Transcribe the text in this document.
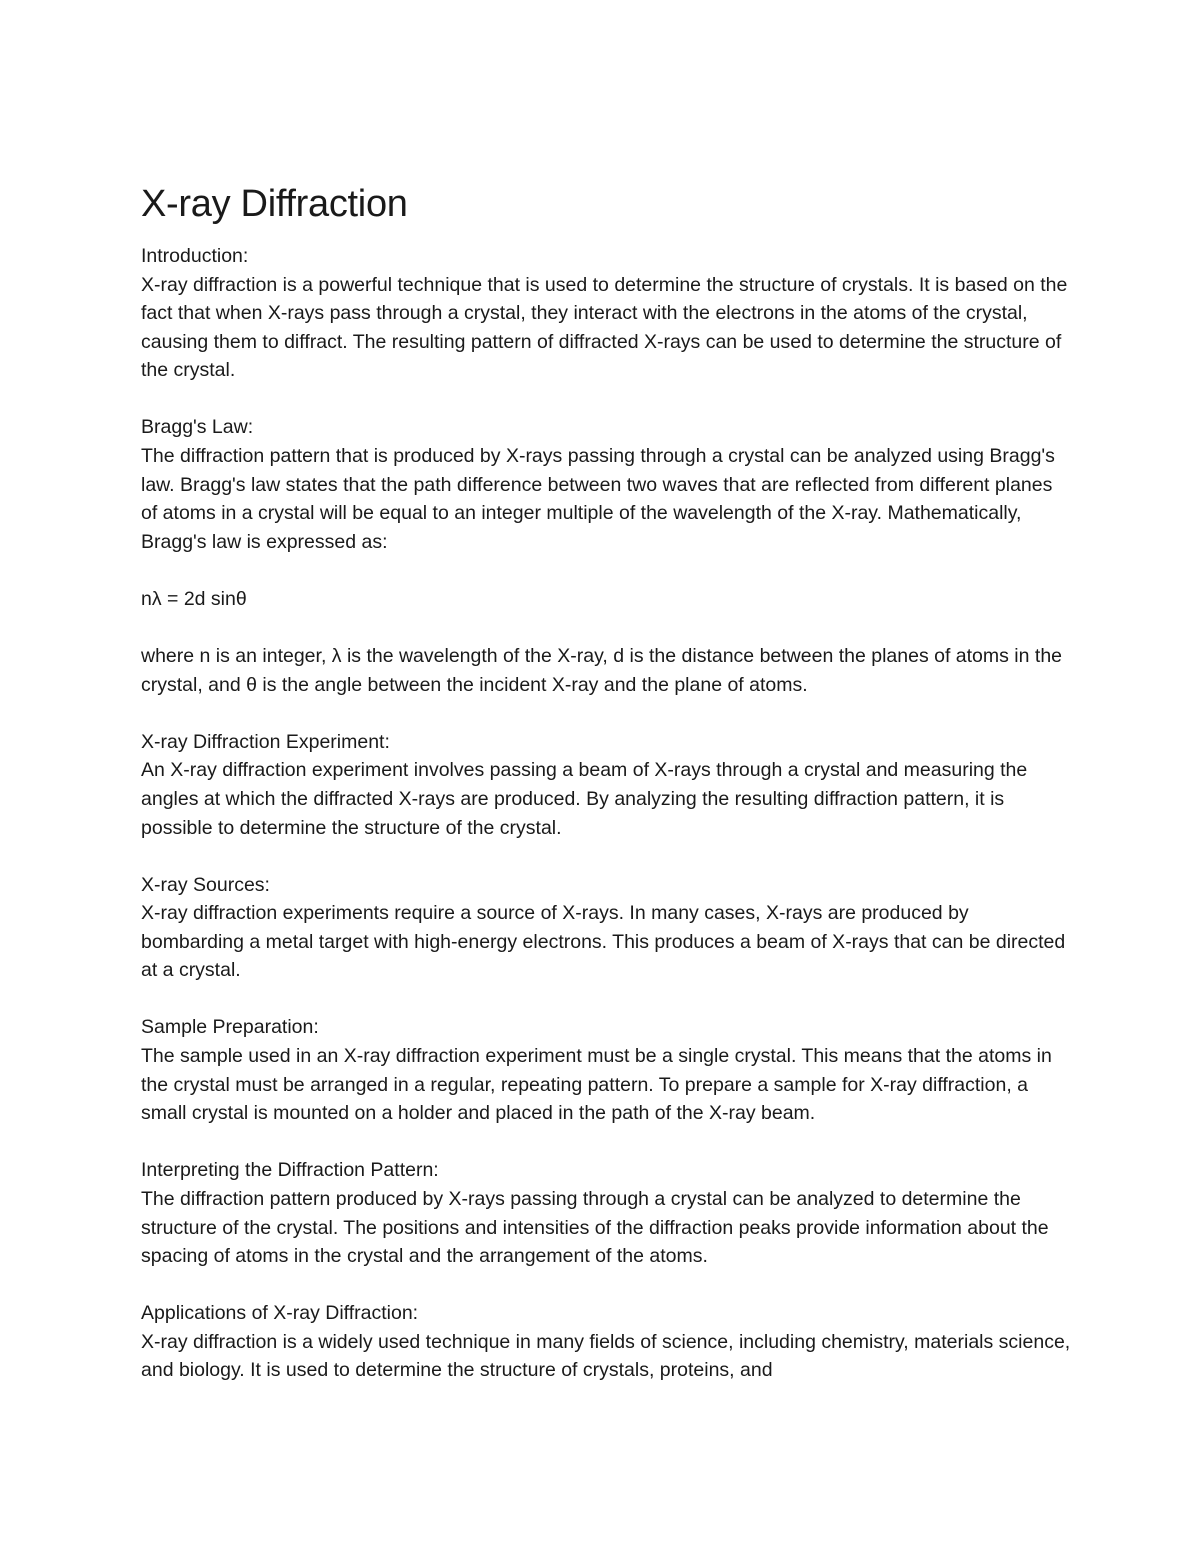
X-ray Diffraction

Introduction:

X-ray diffraction is a powerful technique that is used to determine the structure of crystals. It is based on the fact that when X-rays pass through a crystal, they interact with the electrons in the atoms of the crystal, causing them to diffract. The resulting pattern of diffracted X-rays can be used to determine the structure of the crystal.

Bragg's Law:

The diffraction pattern that is produced by X-rays passing through a crystal can be analyzed using Bragg's law. Bragg's law states that the path difference between two waves that are reflected from different planes of atoms in a crystal will be equal to an integer multiple of the wavelength of the X-ray. Mathematically, Bragg's law is expressed as:

nλ = 2d sinθ

where n is an integer, λ is the wavelength of the X-ray, d is the distance between the planes of atoms in the crystal, and θ is the angle between the incident X-ray and the plane of atoms.

X-ray Diffraction Experiment:

An X-ray diffraction experiment involves passing a beam of X-rays through a crystal and measuring the angles at which the diffracted X-rays are produced. By analyzing the resulting diffraction pattern, it is possible to determine the structure of the crystal.

X-ray Sources:

X-ray diffraction experiments require a source of X-rays. In many cases, X-rays are produced by bombarding a metal target with high-energy electrons. This produces a beam of X-rays that can be directed at a crystal.

Sample Preparation:

The sample used in an X-ray diffraction experiment must be a single crystal. This means that the atoms in the crystal must be arranged in a regular, repeating pattern. To prepare a sample for X-ray diffraction, a small crystal is mounted on a holder and placed in the path of the X-ray beam.

Interpreting the Diffraction Pattern:

The diffraction pattern produced by X-rays passing through a crystal can be analyzed to determine the structure of the crystal. The positions and intensities of the diffraction peaks provide information about the spacing of atoms in the crystal and the arrangement of the atoms.

Applications of X-ray Diffraction:

X-ray diffraction is a widely used technique in many fields of science, including chemistry, materials science, and biology. It is used to determine the structure of crystals, proteins, and
